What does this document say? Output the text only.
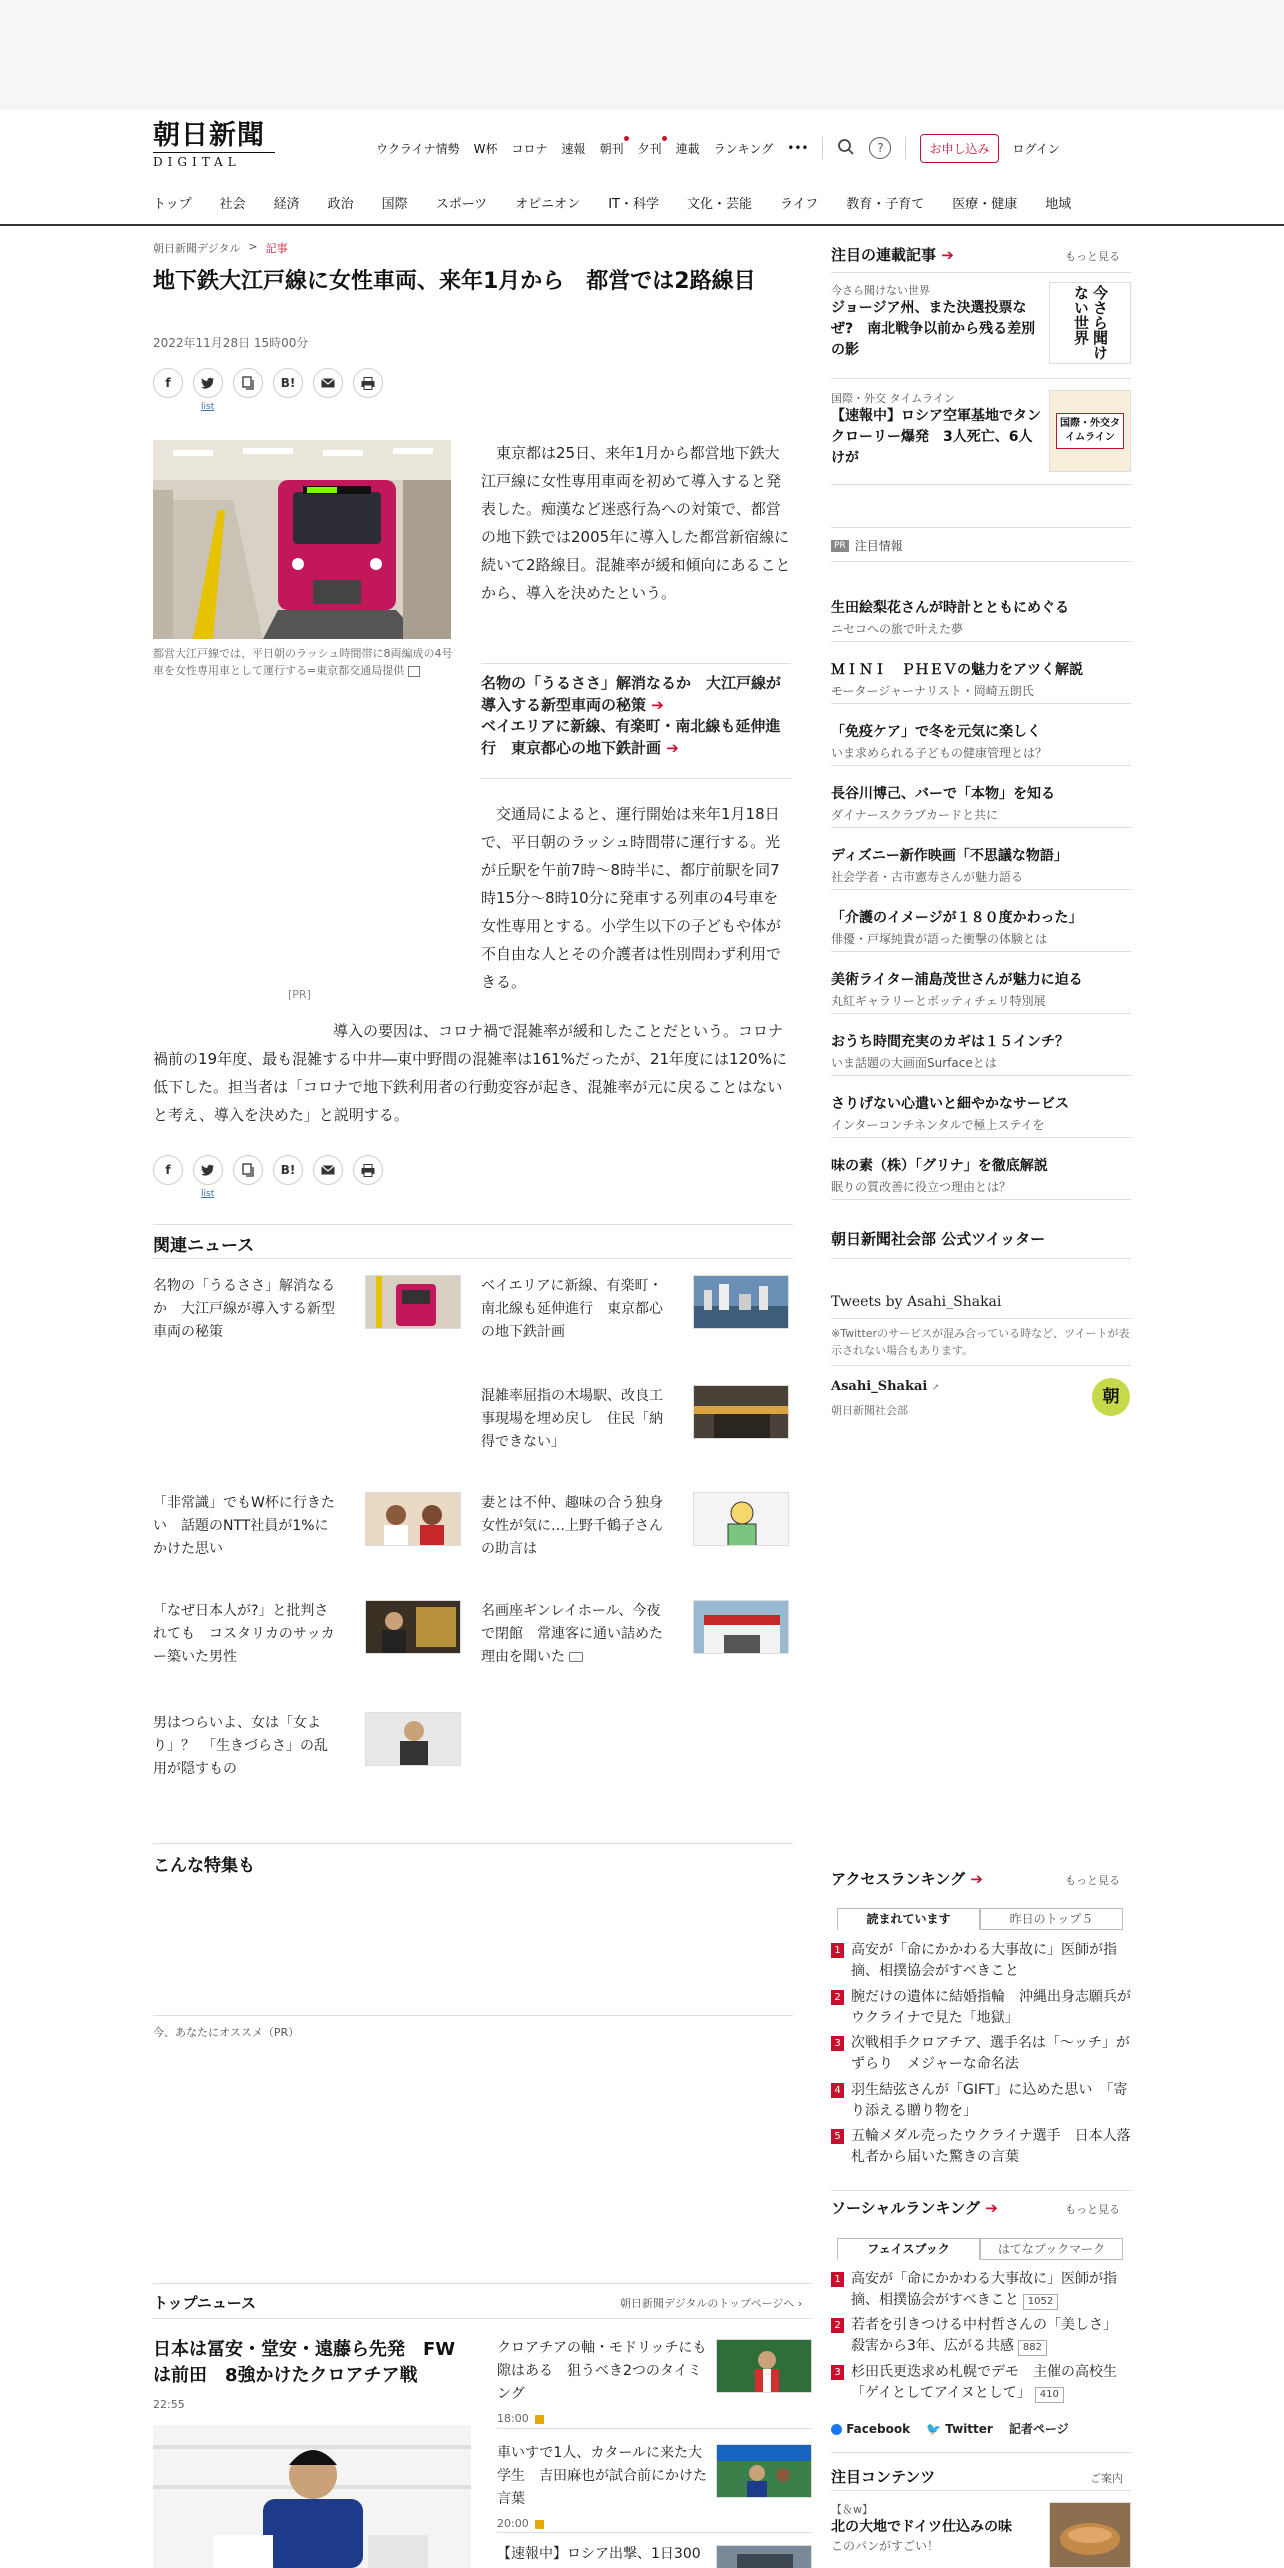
朝日新聞
DIGITAL
ウクライナ情勢 W杯 コロナ 速報 朝刊 夕刊 連載 ランキング •••	?	お申し込み	ログイン
トップ 社会 経済 政治 国際 スポーツ オピニオン IT・科学 文化・芸能 ライフ 教育・子育て 医療・健康 地域
朝日新聞デジタル > 記事
地下鉄大江戸線に女性車両、来年1月から　都営では2路線目
2022年11月28日 15時00分
f	B!
list
都営大江戸線では、平日朝のラッシュ時間帯に8両編成の4号車を女性専用車として運行する=東京都交通局提供
[PR]

東京都は25日、来年1月から都営地下鉄大江戸線に女性専用車両を初めて導入すると発表した。痴漢など迷惑行為への対策で、都営の地下鉄では2005年に導入した都営新宿線に続いて2路線目。混雑率が緩和傾向にあることから、導入を決めたという。

名物の「うるささ」解消なるか　大江戸線が導入する新型車両の秘策 ➔
ベイエリアに新線、有楽町・南北線も延伸進行　東京都心の地下鉄計画 ➔

交通局によると、運行開始は来年1月18日で、平日朝のラッシュ時間帯に運行する。光が丘駅を午前7時～8時半に、都庁前駅を同7時15分～8時10分に発車する列車の4号車を女性専用とする。小学生以下の子どもや体が不自由な人とその介護者は性別問わず利用できる。

導入の要因は、コロナ禍で混雑率が緩和したことだという。コロナ禍前の19年度、最も混雑する中井―東中野間の混雑率は161%だったが、21年度には120%に低下した。担当者は「コロナで地下鉄利用者の行動変容が起き、混雑率が元に戻ることはないと考え、導入を決めた」と説明する。

f	B!
list
関連ニュース
名物の「うるささ」解消なるか　大江戸線が導入する新型車両の秘策
ベイエリアに新線、有楽町・南北線も延伸進行　東京都心の地下鉄計画
混雑率屈指の木場駅、改良工事現場を埋め戻し　住民「納得できない」
「非常識」でもW杯に行きたい　話題のNTT社員が1%にかけた思い
妻とは不仲、趣味の合う独身女性が気に…上野千鶴子さんの助言は
「なぜ日本人が?」と批判されても　コスタリカのサッカー築いた男性
名画座ギンレイホール、今夜で閉館　常連客に通い詰めた理由を聞いた
男はつらいよ、女は「女より」？　「生きづらさ」の乱用が隠すもの
こんな特集も
今、あなたにオススメ（PR）
トップニュース	朝日新聞デジタルのトップページへ ›
日本は冨安・堂安・遠藤ら先発　FWは前田　8強かけたクロアチア戦
22:55
クロアチアの軸・モドリッチにも隙はある　狙うべき2つのタイミング
18:00
車いすで1人、カタールに来た大学生　吉田麻也が試合前にかけた言葉
20:00
【速報中】ロシア出撃、1日300
注目の連載記事 ➔	もっと見る
今さら聞けない世界
ジョージア州、また決選投票なぜ?　南北戦争以前から残る差別の影	今さら聞けない世界
国際・外交 タイムライン
【速報中】ロシア空軍基地でタンクローリー爆発　3人死亡、6人けが
国際・外交タイムライン
PR 注目情報
生田絵梨花さんが時計とともにめぐる
ニセコへの旅で叶えた夢
ＭＩＮＩ　ＰＨＥＶの魅力をアツく解説
モータージャーナリスト・岡崎五朗氏
「免疫ケア」で冬を元気に楽しく
いま求められる子どもの健康管理とは？
長谷川博己、バーで「本物」を知る
ダイナースクラブカードと共に
ディズニー新作映画「不思議な物語」
社会学者・古市憲寿さんが魅力語る
「介護のイメージが１８０度かわった」
俳優・戸塚純貴が語った衝撃の体験とは
美術ライター浦島茂世さんが魅力に迫る
丸紅ギャラリーとボッティチェリ特別展
おうち時間充実のカギは１５インチ？
いま話題の大画面Surfaceとは
さりげない心遣いと細やかなサービス
インターコンチネンタルで極上ステイを
味の素（株）「グリナ」を徹底解説
眠りの質改善に役立つ理由とは？
朝日新聞社会部 公式ツイッター
Tweets by Asahi_Shakai
※Twitterのサービスが混み合っている時など、ツイートが表示されない場合もあります。
Asahi_Shakai ↗
朝日新聞社会部
朝
アクセスランキング ➔	もっと見る
読まれています	昨日のトップ５
1 高安が「命にかかわる大事故に」医師が指摘、相撲協会がすべきこと
2 腕だけの遺体に結婚指輪　沖縄出身志願兵がウクライナで見た「地獄」
3 次戦相手クロアチア、選手名は「～ッチ」がずらり　メジャーな命名法
4 羽生結弦さんが「GIFT」に込めた思い　「寄り添える贈り物を」
5 五輪メダル売ったウクライナ選手　日本人落札者から届いた驚きの言葉
ソーシャルランキング ➔	もっと見る
フェイスブック	はてなブックマーク
1 高安が「命にかかわる大事故に」医師が指摘、相撲協会がすべきこと 1052
2 若者を引きつける中村哲さんの「美しさ」　殺害から3年、広がる共感 882
3 杉田氏更迭求め札幌でデモ　主催の高校生「ゲイとしてアイヌとして」 410
Facebook 🐦 Twitter 記者ページ
注目コンテンツ	ご案内
【＆w】
北の大地でドイツ仕込みの味
このパンがすごい！
